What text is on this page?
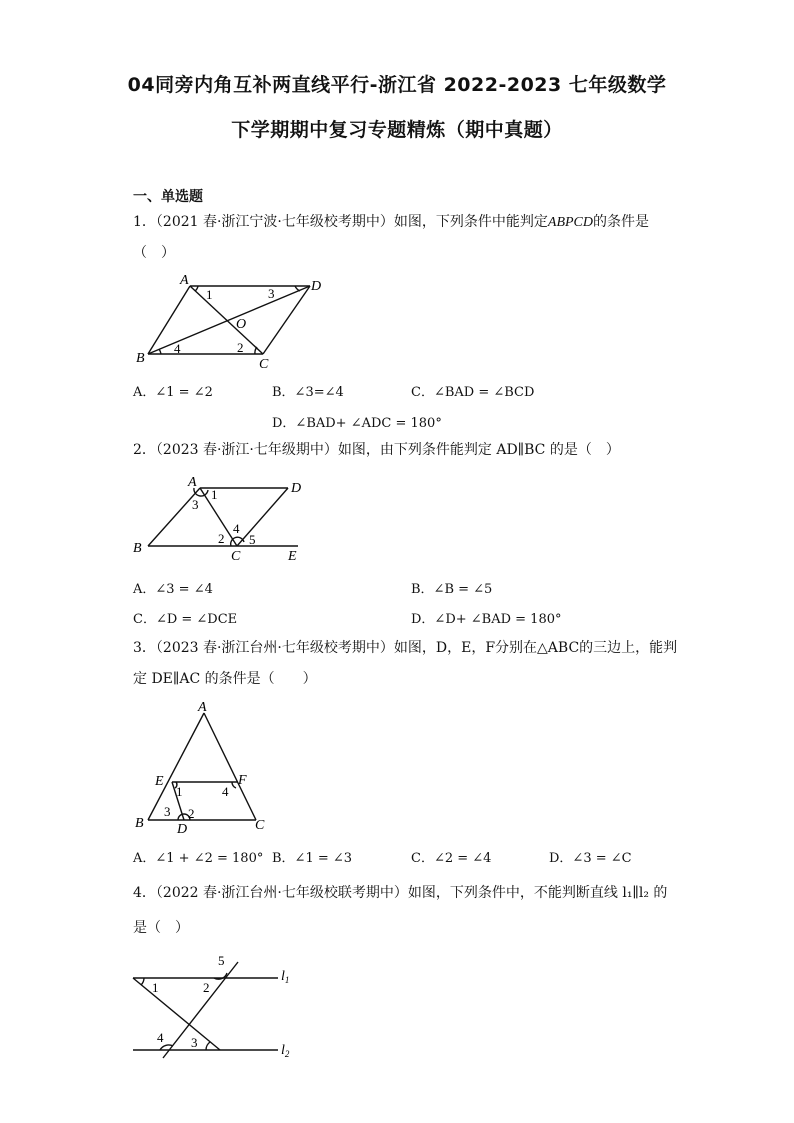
04同旁内角互补两直线平行-浙江省 2022-2023 七年级数学
下学期期中复习专题精炼（期中真题）
一、单选题
1．（2021 春·浙江宁波·七年级校考期中）如图，下列条件中能判定ABPCD的条件是
（　）
A
B	C
D
O
1
2
3
4
A．∠1 = ∠2	B．∠3=∠4	C．∠BAD = ∠BCD
D．∠BAD+ ∠ADC = 180°
2．（2023 春·浙江·七年级期中）如图，由下列条件能判定 AD∥BC 的是（　）
A
B
C
D
E
1
2
3
4
5
A．∠3 = ∠4	B．∠B = ∠5
C．∠D = ∠DCE	D．∠D+ ∠BAD = 180°
3．（2023 春·浙江台州·七年级校考期中）如图，D，E，F分别在△ABC的三边上，能判
定 DE∥AC 的条件是（　　）
A
B	C
D
E	F
1
2
3
4
A．∠1 + ∠2 = 180° B．∠1 = ∠3	C．∠2 = ∠4	D．∠3 = ∠C
4．（2022 春·浙江台州·七年级校联考期中）如图，下列条件中，不能判断直线 l₁∥l₂ 的
是（　）
$l_1$
$l_2$
1	2
3
4
5
